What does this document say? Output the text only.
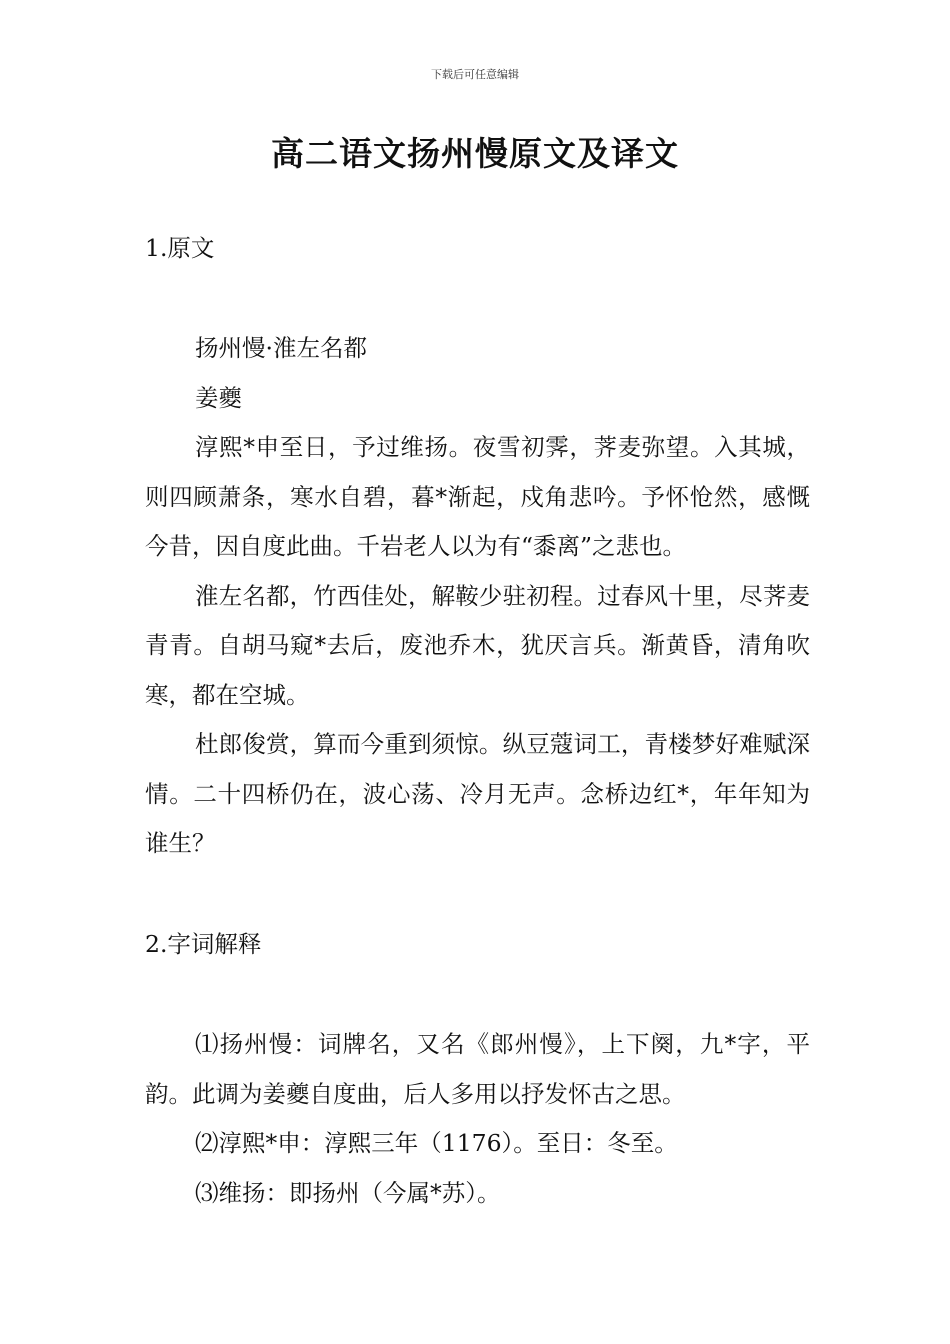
下载后可任意编辑
高二语文扬州慢原文及译文
1.原文
扬州慢·淮左名都
姜夔

淳熙*申至日，予过维扬。夜雪初霁，荠麦弥望。入其城，则四顾萧条，寒水自碧，暮*渐起，戍角悲吟。予怀怆然，感慨今昔，因自度此曲。千岩老人以为有“黍离”之悲也。

淮左名都，竹西佳处，解鞍少驻初程。过春风十里，尽荠麦青青。自胡马窥*去后，废池乔木，犹厌言兵。渐黄昏，清角吹寒，都在空城。

杜郎俊赏，算而今重到须惊。纵豆蔻词工，青楼梦好难赋深情。二十四桥仍在，波心荡、冷月无声。念桥边红*，年年知为谁生？

2.字词解释

⑴扬州慢：词牌名，又名《郎州慢》，上下阕，九*字，平韵。此调为姜夔自度曲，后人多用以抒发怀古之思。

⑵淳熙*申：淳熙三年（1176）。至日：冬至。

⑶维扬：即扬州（今属*苏）。
